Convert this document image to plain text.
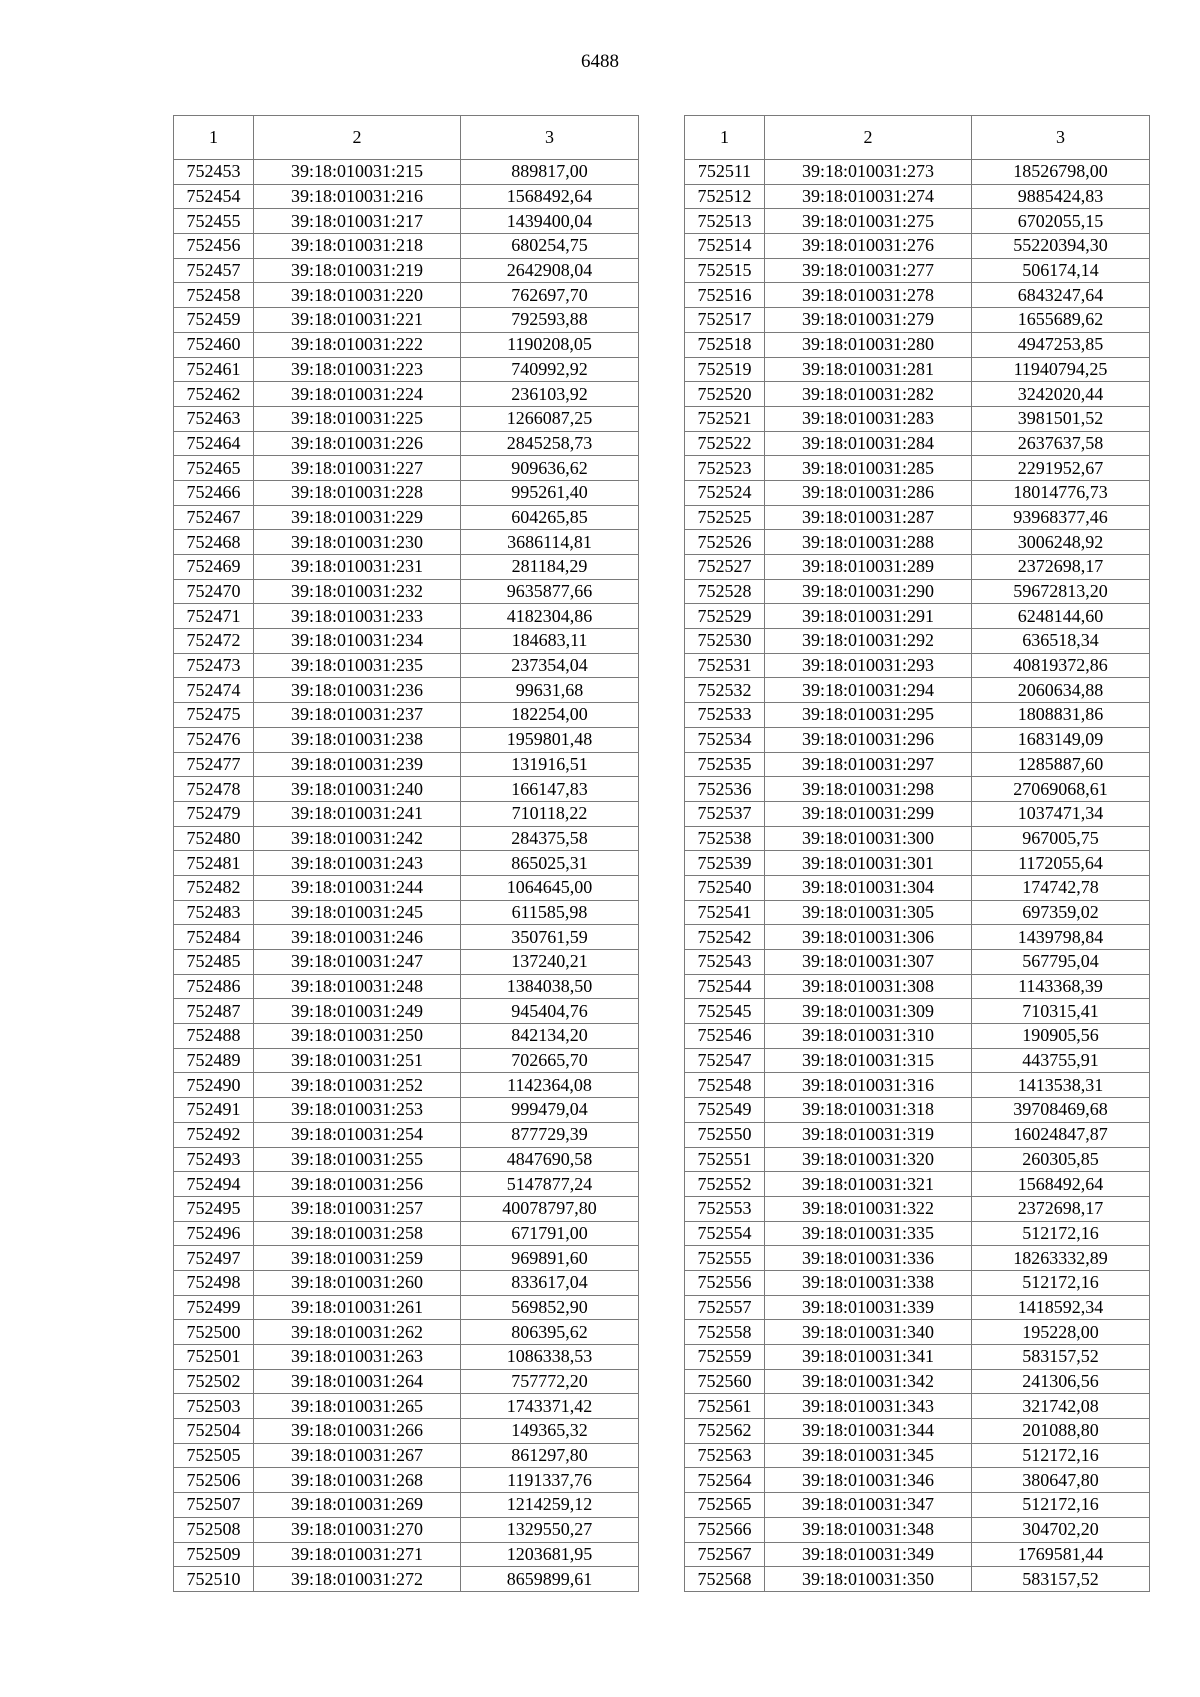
6488
1	2	3
752453	39:18:010031:215	889817,00
752454	39:18:010031:216	1568492,64
752455	39:18:010031:217	1439400,04
752456	39:18:010031:218	680254,75
752457	39:18:010031:219	2642908,04
752458	39:18:010031:220	762697,70
752459	39:18:010031:221	792593,88
752460	39:18:010031:222	1190208,05
752461	39:18:010031:223	740992,92
752462	39:18:010031:224	236103,92
752463	39:18:010031:225	1266087,25
752464	39:18:010031:226	2845258,73
752465	39:18:010031:227	909636,62
752466	39:18:010031:228	995261,40
752467	39:18:010031:229	604265,85
752468	39:18:010031:230	3686114,81
752469	39:18:010031:231	281184,29
752470	39:18:010031:232	9635877,66
752471	39:18:010031:233	4182304,86
752472	39:18:010031:234	184683,11
752473	39:18:010031:235	237354,04
752474	39:18:010031:236	99631,68
752475	39:18:010031:237	182254,00
752476	39:18:010031:238	1959801,48
752477	39:18:010031:239	131916,51
752478	39:18:010031:240	166147,83
752479	39:18:010031:241	710118,22
752480	39:18:010031:242	284375,58
752481	39:18:010031:243	865025,31
752482	39:18:010031:244	1064645,00
752483	39:18:010031:245	611585,98
752484	39:18:010031:246	350761,59
752485	39:18:010031:247	137240,21
752486	39:18:010031:248	1384038,50
752487	39:18:010031:249	945404,76
752488	39:18:010031:250	842134,20
752489	39:18:010031:251	702665,70
752490	39:18:010031:252	1142364,08
752491	39:18:010031:253	999479,04
752492	39:18:010031:254	877729,39
752493	39:18:010031:255	4847690,58
752494	39:18:010031:256	5147877,24
752495	39:18:010031:257	40078797,80
752496	39:18:010031:258	671791,00
752497	39:18:010031:259	969891,60
752498	39:18:010031:260	833617,04
752499	39:18:010031:261	569852,90
752500	39:18:010031:262	806395,62
752501	39:18:010031:263	1086338,53
752502	39:18:010031:264	757772,20
752503	39:18:010031:265	1743371,42
752504	39:18:010031:266	149365,32
752505	39:18:010031:267	861297,80
752506	39:18:010031:268	1191337,76
752507	39:18:010031:269	1214259,12
752508	39:18:010031:270	1329550,27
752509	39:18:010031:271	1203681,95
752510	39:18:010031:272	8659899,61
1	2	3
752511	39:18:010031:273	18526798,00
752512	39:18:010031:274	9885424,83
752513	39:18:010031:275	6702055,15
752514	39:18:010031:276	55220394,30
752515	39:18:010031:277	506174,14
752516	39:18:010031:278	6843247,64
752517	39:18:010031:279	1655689,62
752518	39:18:010031:280	4947253,85
752519	39:18:010031:281	11940794,25
752520	39:18:010031:282	3242020,44
752521	39:18:010031:283	3981501,52
752522	39:18:010031:284	2637637,58
752523	39:18:010031:285	2291952,67
752524	39:18:010031:286	18014776,73
752525	39:18:010031:287	93968377,46
752526	39:18:010031:288	3006248,92
752527	39:18:010031:289	2372698,17
752528	39:18:010031:290	59672813,20
752529	39:18:010031:291	6248144,60
752530	39:18:010031:292	636518,34
752531	39:18:010031:293	40819372,86
752532	39:18:010031:294	2060634,88
752533	39:18:010031:295	1808831,86
752534	39:18:010031:296	1683149,09
752535	39:18:010031:297	1285887,60
752536	39:18:010031:298	27069068,61
752537	39:18:010031:299	1037471,34
752538	39:18:010031:300	967005,75
752539	39:18:010031:301	1172055,64
752540	39:18:010031:304	174742,78
752541	39:18:010031:305	697359,02
752542	39:18:010031:306	1439798,84
752543	39:18:010031:307	567795,04
752544	39:18:010031:308	1143368,39
752545	39:18:010031:309	710315,41
752546	39:18:010031:310	190905,56
752547	39:18:010031:315	443755,91
752548	39:18:010031:316	1413538,31
752549	39:18:010031:318	39708469,68
752550	39:18:010031:319	16024847,87
752551	39:18:010031:320	260305,85
752552	39:18:010031:321	1568492,64
752553	39:18:010031:322	2372698,17
752554	39:18:010031:335	512172,16
752555	39:18:010031:336	18263332,89
752556	39:18:010031:338	512172,16
752557	39:18:010031:339	1418592,34
752558	39:18:010031:340	195228,00
752559	39:18:010031:341	583157,52
752560	39:18:010031:342	241306,56
752561	39:18:010031:343	321742,08
752562	39:18:010031:344	201088,80
752563	39:18:010031:345	512172,16
752564	39:18:010031:346	380647,80
752565	39:18:010031:347	512172,16
752566	39:18:010031:348	304702,20
752567	39:18:010031:349	1769581,44
752568	39:18:010031:350	583157,52
